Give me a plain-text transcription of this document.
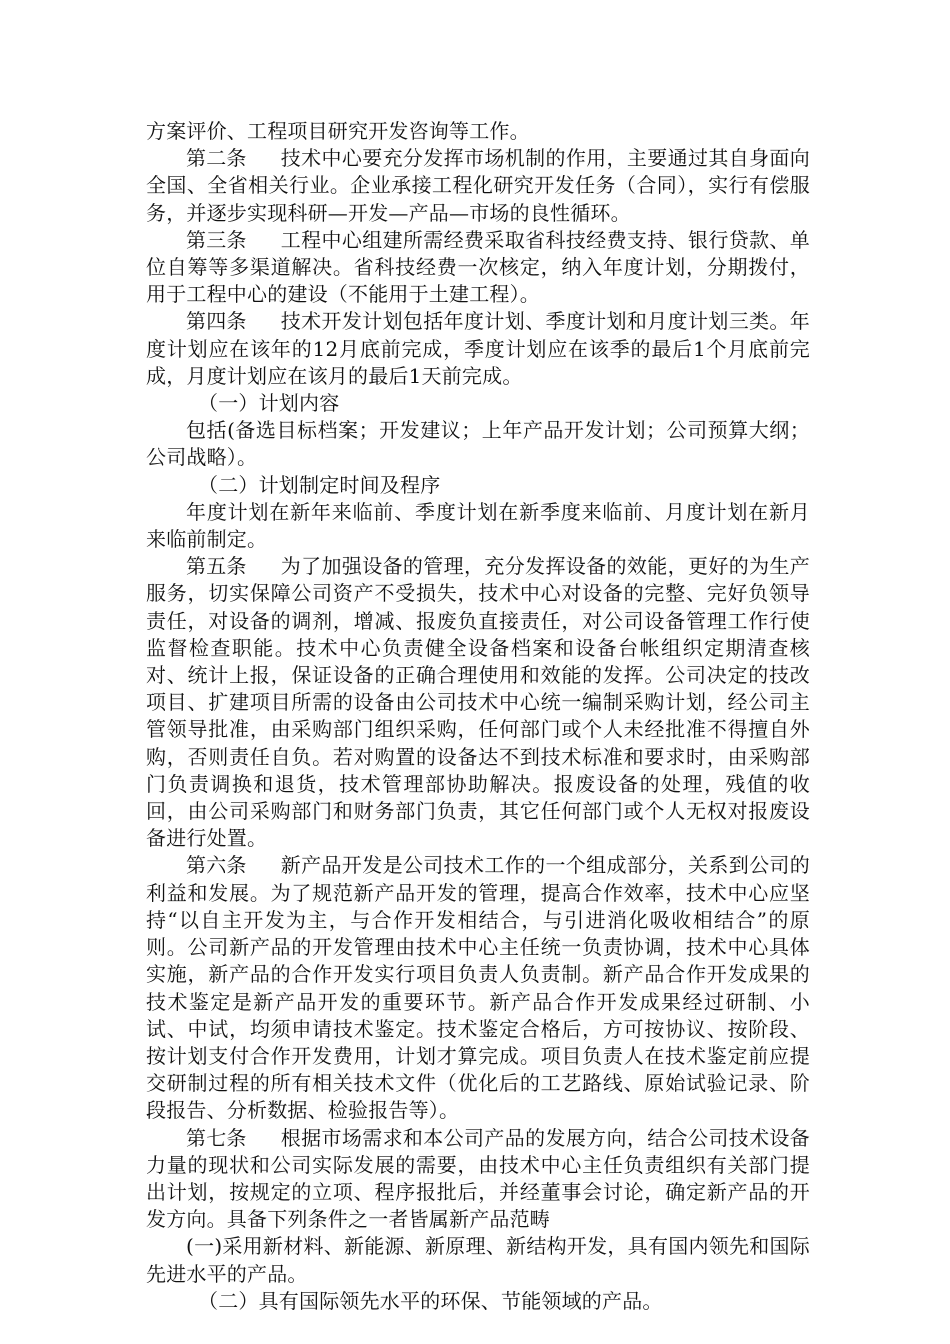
方案评价、工程项目研究开发咨询等工作。

第二条 技术中心要充分发挥市场机制的作用，主要通过其自身面向全国、全省相关行业。企业承接工程化研究开发任务（合同），实行有偿服务，并逐步实现科研—开发—产品—市场的良性循环。

第三条 工程中心组建所需经费采取省科技经费支持、银行贷款、单位自筹等多渠道解决。省科技经费一次核定，纳入年度计划，分期拨付，用于工程中心的建设（不能用于土建工程）。

第四条 技术开发计划包括年度计划、季度计划和月度计划三类。年度计划应在该年的12月底前完成，季度计划应在该季的最后1个月底前完成，月度计划应在该月的最后1天前完成。

（一）计划内容

包括(备选目标档案；开发建议；上年产品开发计划；公司预算大纲；公司战略）。

（二）计划制定时间及程序

年度计划在新年来临前、季度计划在新季度来临前、月度计划在新月来临前制定。

第五条 为了加强设备的管理，充分发挥设备的效能，更好的为生产服务，切实保障公司资产不受损失，技术中心对设备的完整、完好负领导责任，对设备的调剂，增减、报废负直接责任，对公司设备管理工作行使监督检查职能。技术中心负责健全设备档案和设备台帐组织定期清查核对、统计上报，保证设备的正确合理使用和效能的发挥。公司决定的技改项目、扩建项目所需的设备由公司技术中心统一编制采购计划，经公司主管领导批准，由采购部门组织采购，任何部门或个人未经批准不得擅自外购，否则责任自负。若对购置的设备达不到技术标准和要求时，由采购部门负责调换和退货，技术管理部协助解决。报废设备的处理，残值的收回，由公司采购部门和财务部门负责，其它任何部门或个人无权对报废设备进行处置。

第六条 新产品开发是公司技术工作的一个组成部分，关系到公司的利益和发展。为了规范新产品开发的管理，提高合作效率，技术中心应坚持“以自主开发为主，与合作开发相结合，与引进消化吸收相结合”的原则。公司新产品的开发管理由技术中心主任统一负责协调，技术中心具体实施，新产品的合作开发实行项目负责人负责制。新产品合作开发成果的技术鉴定是新产品开发的重要环节。新产品合作开发成果经过研制、小试、中试，均须申请技术鉴定。技术鉴定合格后，方可按协议、按阶段、按计划支付合作开发费用，计划才算完成。项目负责人在技术鉴定前应提交研制过程的所有相关技术文件（优化后的工艺路线、原始试验记录、阶段报告、分析数据、检验报告等）。

第七条 根据市场需求和本公司产品的发展方向，结合公司技术设备力量的现状和公司实际发展的需要，由技术中心主任负责组织有关部门提出计划，按规定的立项、程序报批后，并经董事会讨论，确定新产品的开发方向。具备下列条件之一者皆属新产品范畴

(一)采用新材料、新能源、新原理、新结构开发，具有国内领先和国际先进水平的产品。

（二）具有国际领先水平的环保、节能领域的产品。
